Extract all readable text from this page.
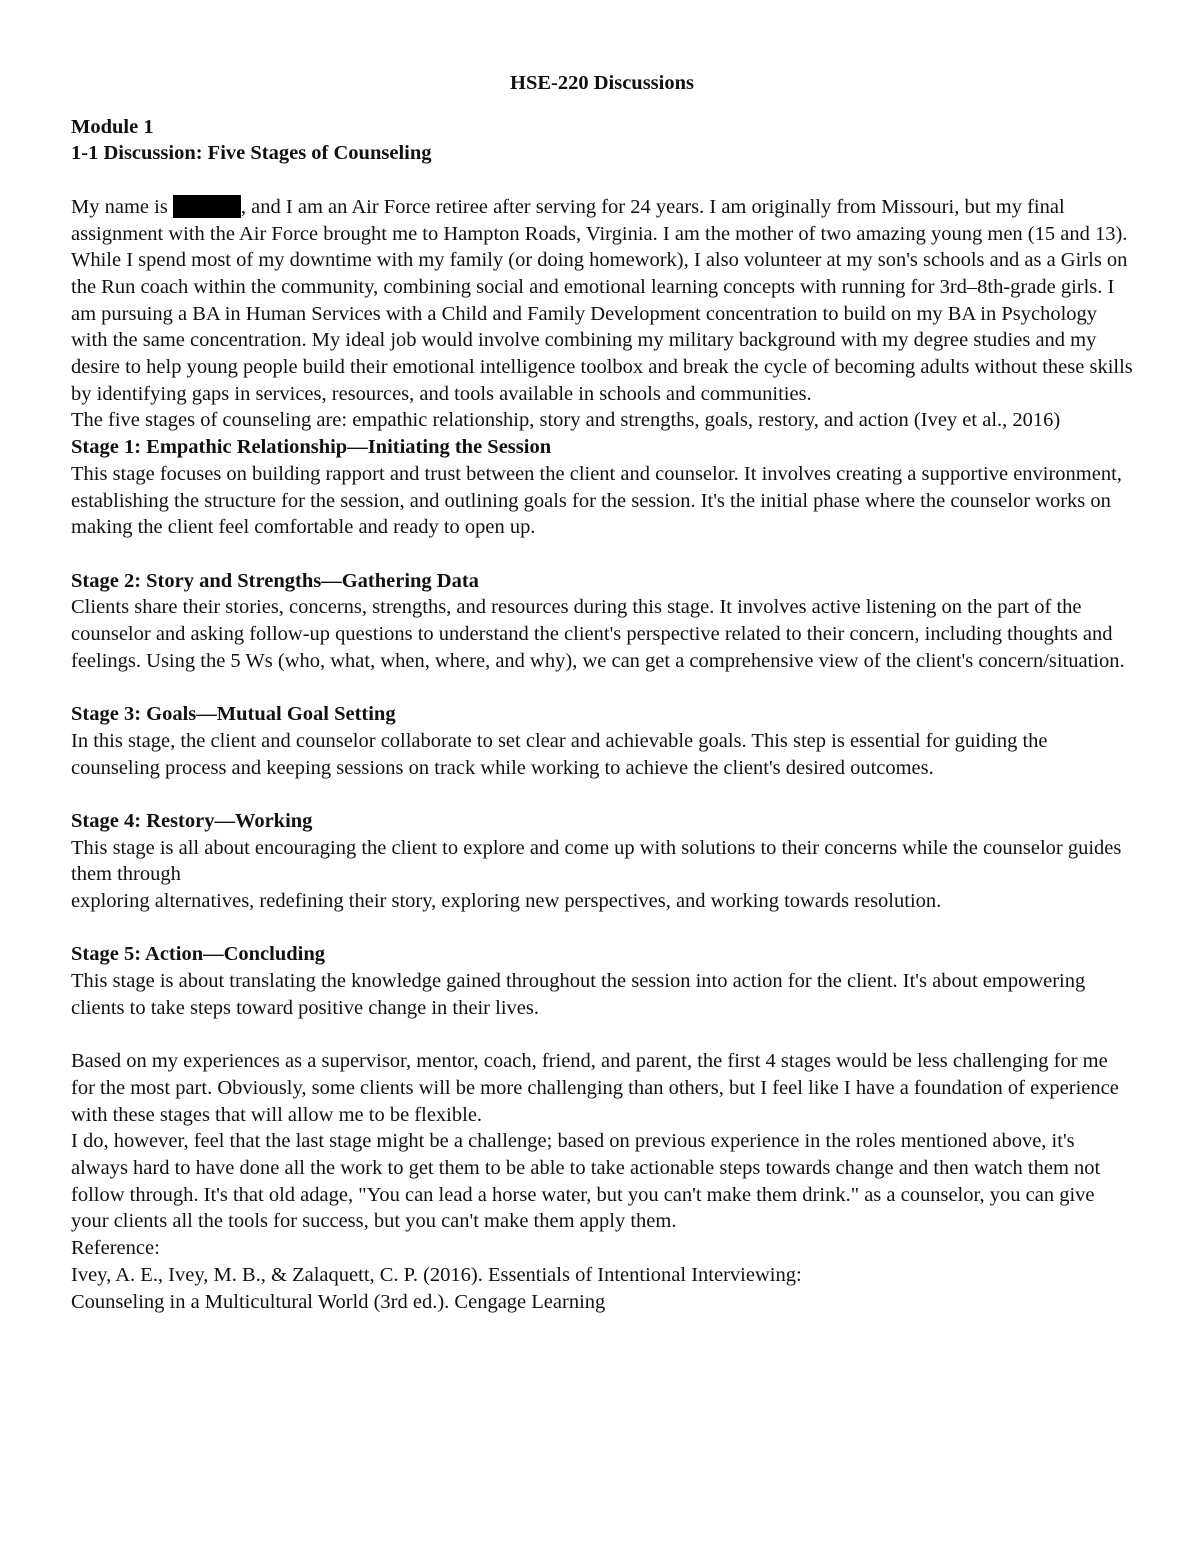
HSE-220 Discussions

Module 1

1-1 Discussion: Five Stages of Counseling

My name is	, and I am an Air Force retiree after serving for 24 years. I am originally from Missouri, but my final assignment with the Air Force brought me to Hampton Roads, Virginia. I am the mother of two amazing young men (15 and 13). While I spend most of my downtime with my family (or doing homework), I also volunteer at my son's schools and as a Girls on the Run coach within the community, combining social and emotional learning concepts with running for 3rd–8th-grade girls. I am pursuing a BA in Human Services with a Child and Family Development concentration to build on my BA in Psychology with the same concentration. My ideal job would involve combining my military background with my degree studies and my desire to help young people build their emotional intelligence toolbox and break the cycle of becoming adults without these skills by identifying gaps in services, resources, and tools available in schools and communities.

The five stages of counseling are: empathic relationship, story and strengths, goals, restory, and action (Ivey et al., 2016)

Stage 1: Empathic Relationship—Initiating the Session

This stage focuses on building rapport and trust between the client and counselor. It involves creating a supportive environment, establishing the structure for the session, and outlining goals for the session. It's the initial phase where the counselor works on making the client feel comfortable and ready to open up.

Stage 2: Story and Strengths—Gathering Data

Clients share their stories, concerns, strengths, and resources during this stage. It involves active listening on the part of the counselor and asking follow-up questions to understand the client's perspective related to their concern, including thoughts and feelings. Using the 5 Ws (who, what, when, where, and why), we can get a comprehensive view of the client's concern/situation.

Stage 3: Goals—Mutual Goal Setting

In this stage, the client and counselor collaborate to set clear and achievable goals. This step is essential for guiding the counseling process and keeping sessions on track while working to achieve the client's desired outcomes.

Stage 4: Restory—Working

This stage is all about encouraging the client to explore and come up with solutions to their concerns while the counselor guides them through

exploring alternatives, redefining their story, exploring new perspectives, and working towards resolution.

Stage 5: Action—Concluding

This stage is about translating the knowledge gained throughout the session into action for the client. It's about empowering clients to take steps toward positive change in their lives.

Based on my experiences as a supervisor, mentor, coach, friend, and parent, the first 4 stages would be less challenging for me for the most part. Obviously, some clients will be more challenging than others, but I feel like I have a foundation of experience with these stages that will allow me to be flexible.

I do, however, feel that the last stage might be a challenge; based on previous experience in the roles mentioned above, it's always hard to have done all the work to get them to be able to take actionable steps towards change and then watch them not follow through. It's that old adage, "You can lead a horse water, but you can't make them drink." as a counselor, you can give your clients all the tools for success, but you can't make them apply them.

Reference:

Ivey, A. E., Ivey, M. B., & Zalaquett, C. P. (2016). Essentials of Intentional Interviewing:

Counseling in a Multicultural World (3rd ed.). Cengage Learning
